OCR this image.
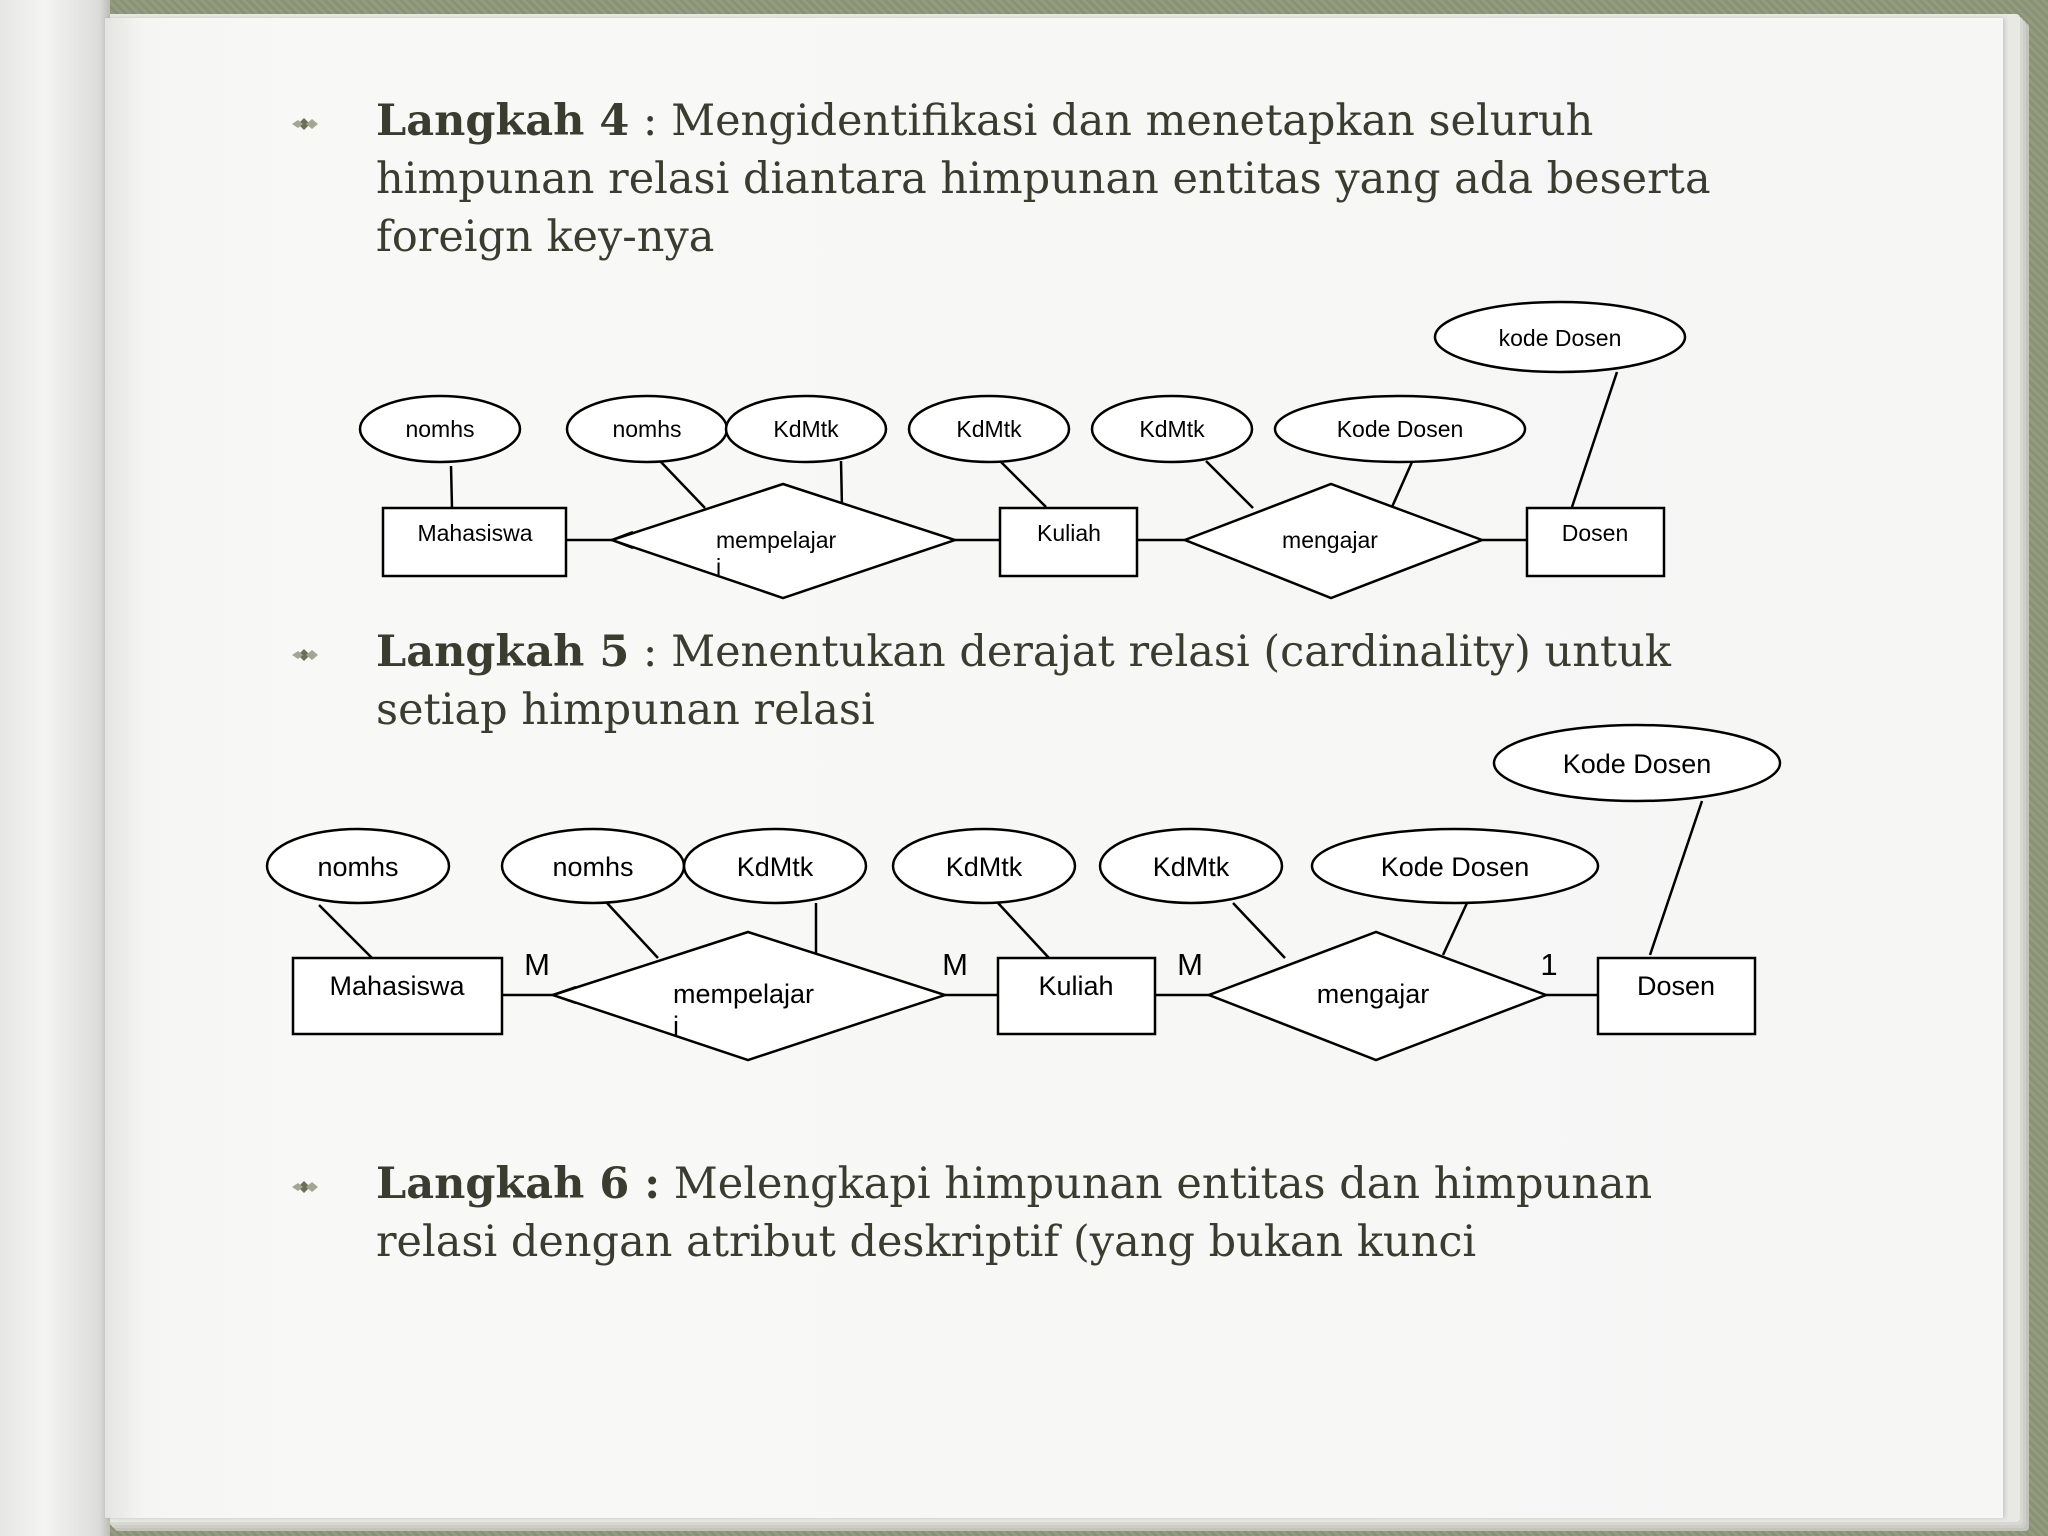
Langkah 4 : Mengidentifikasi dan menetapkan seluruh himpunan relasi diantara himpunan entitas yang ada beserta foreign key-nya
Langkah 5 : Menentukan derajat relasi (cardinality) untuk setiap himpunan relasi
Langkah 6 : Melengkapi himpunan entitas dan himpunan relasi dengan atribut deskriptif (yang bukan kunci
nomhs	nomhs	KdMtk	KdMtk	KdMtk	Kode Dosen
kode Dosen
Mahasiswa	Kuliah	Dosen
mempelajar
i
mengajar
nomhs	nomhs	KdMtk	KdMtk	KdMtk	Kode Dosen
Kode Dosen
Mahasiswa	Kuliah	Dosen
mempelajar
i
mengajar
M	M	M	1
